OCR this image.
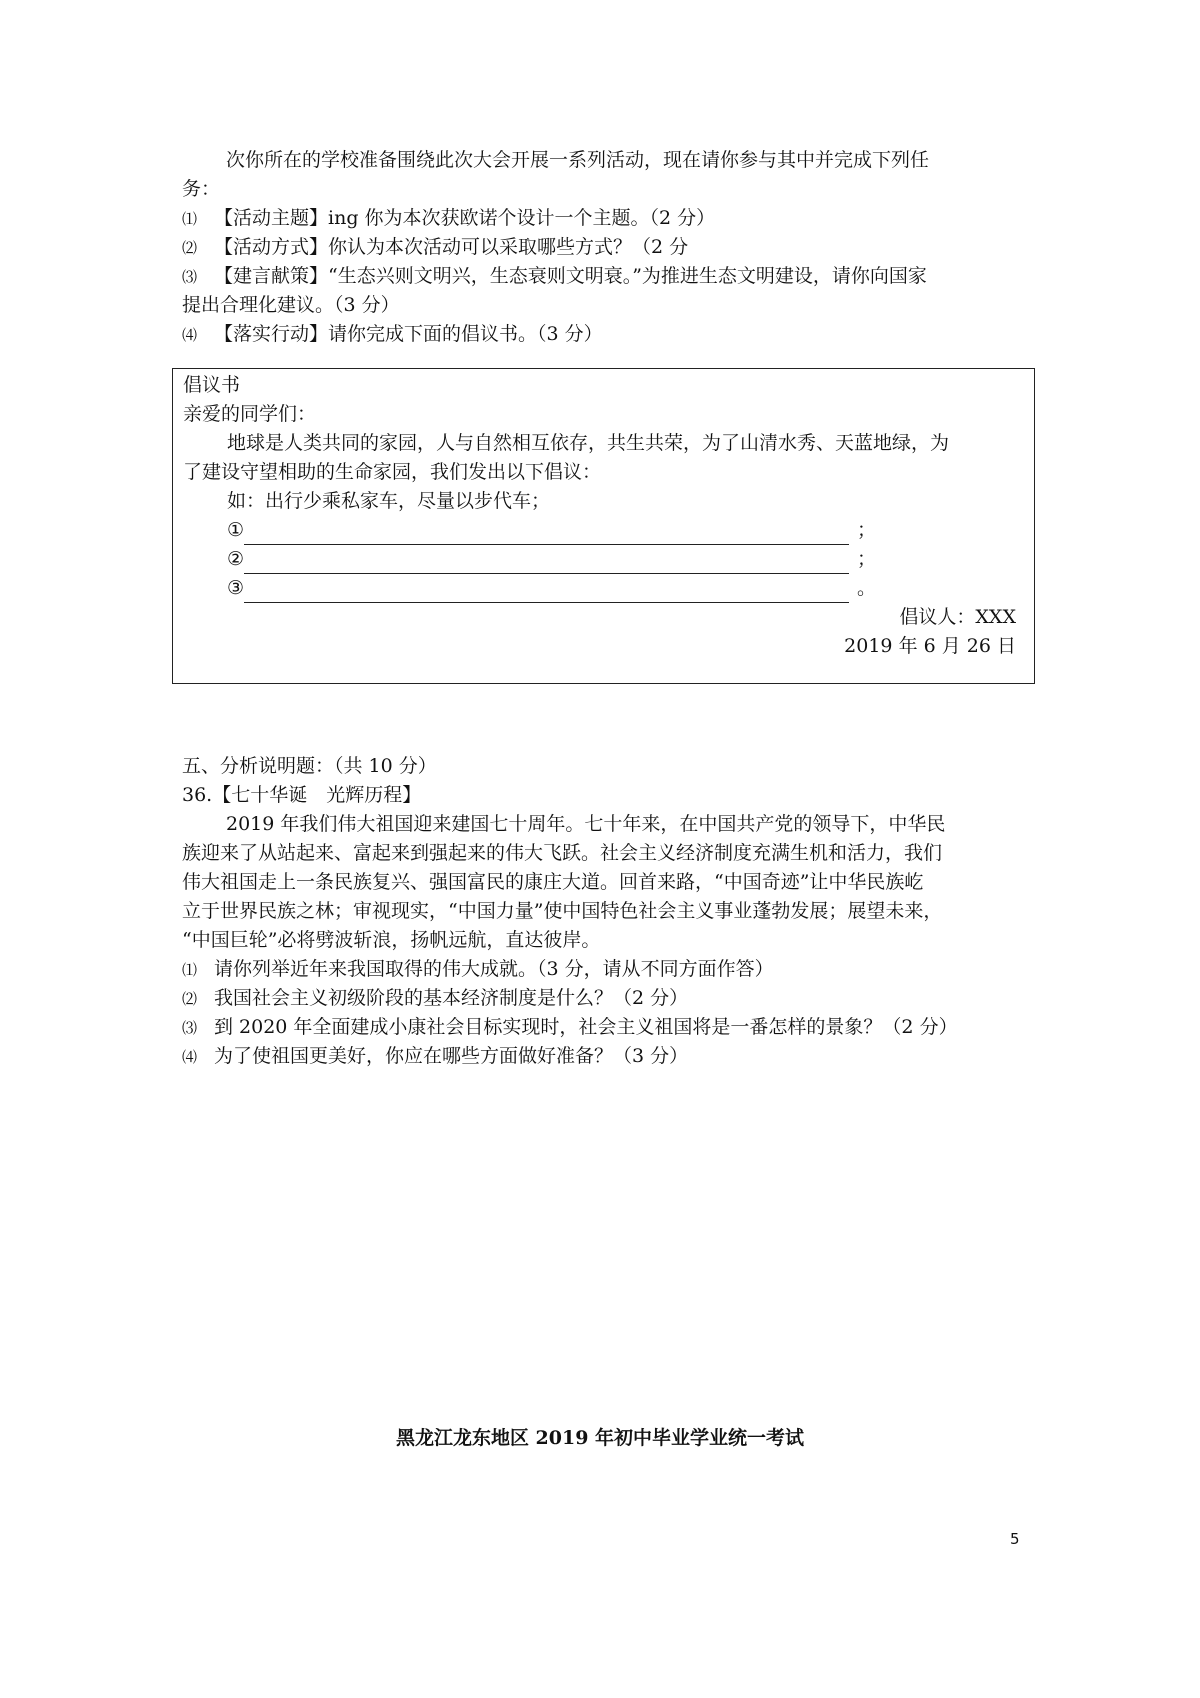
次你所在的学校准备围绕此次大会开展一系列活动，现在请你参与其中并完成下列任
务：
⑴ 【活动主题】ing 你为本次获欧诺个设计一个主题。（2 分）
⑵ 【活动方式】你认为本次活动可以采取哪些方式？（2 分
⑶ 【建言献策】“生态兴则文明兴，生态衰则文明衰。”为推进生态文明建设，请你向国家
提出合理化建议。（3 分）
⑷ 【落实行动】请你完成下面的倡议书。（3 分）
倡议书
亲爱的同学们：
地球是人类共同的家园，人与自然相互依存，共生共荣，为了山清水秀、天蓝地绿，为
了建设守望相助的生命家园，我们发出以下倡议：
如：出行少乘私家车，尽量以步代车；
①	；
②	；
③	。
倡议人：XXX
2019 年 6 月 26 日
五、分析说明题：（共 10 分）
36.【七十华诞　光辉历程】
2019 年我们伟大祖国迎来建国七十周年。七十年来，在中国共产党的领导下，中华民
族迎来了从站起来、富起来到强起来的伟大飞跃。社会主义经济制度充满生机和活力，我们
伟大祖国走上一条民族复兴、强国富民的康庄大道。回首来路，“中国奇迹”让中华民族屹
立于世界民族之林；审视现实，“中国力量”使中国特色社会主义事业蓬勃发展；展望未来，
“中国巨轮”必将劈波斩浪，扬帆远航，直达彼岸。
⑴ 请你列举近年来我国取得的伟大成就。（3 分，请从不同方面作答）
⑵ 我国社会主义初级阶段的基本经济制度是什么？（2 分）
⑶ 到 2020 年全面建成小康社会目标实现时，社会主义祖国将是一番怎样的景象？（2 分）
⑷ 为了使祖国更美好，你应在哪些方面做好准备？（3 分）
黑龙江龙东地区 2019 年初中毕业学业统一考试
5
